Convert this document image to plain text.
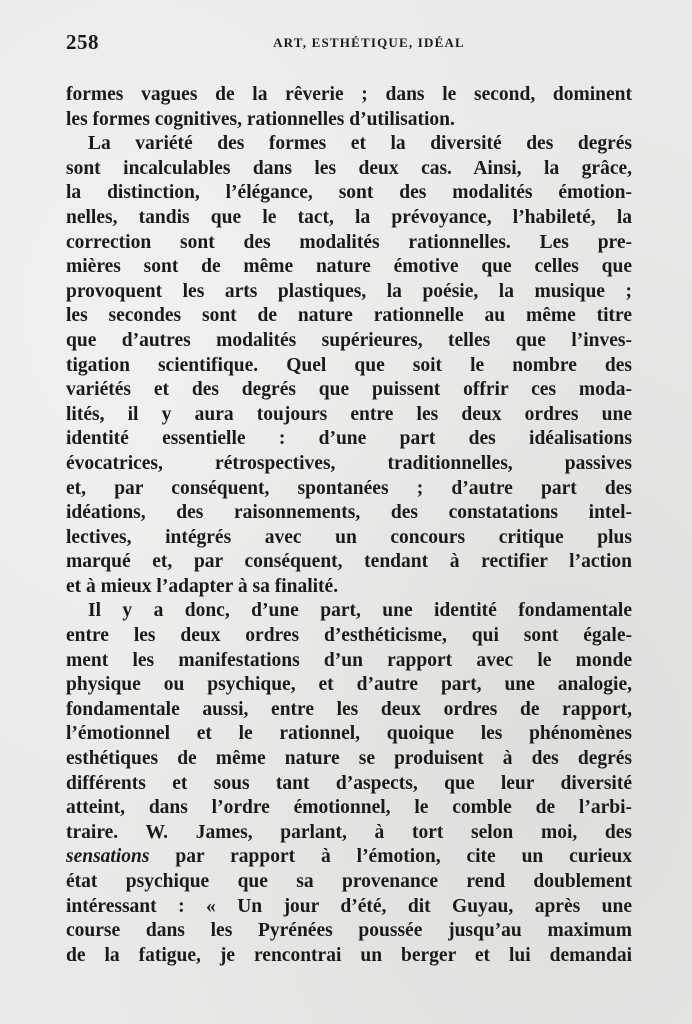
258	ART, ESTHÉTIQUE, IDÉAL
formes vagues de la rêverie ; dans le second, dominent
les formes cognitives, rationnelles d’utilisation.
La variété des formes et la diversité des degrés
sont incalculables dans les deux cas. Ainsi, la grâce,
la distinction, l’élégance, sont des modalités émotion-
nelles, tandis que le tact, la prévoyance, l’habileté, la
correction sont des modalités rationnelles. Les pre-
mières sont de même nature émotive que celles que
provoquent les arts plastiques, la poésie, la musique ;
les secondes sont de nature rationnelle au même titre
que d’autres modalités supérieures, telles que l’inves-
tigation scientifique. Quel que soit le nombre des
variétés et des degrés que puissent offrir ces moda-
lités, il y aura toujours entre les deux ordres une
identité essentielle : d’une part des idéalisations
évocatrices, rétrospectives, traditionnelles, passives
et, par conséquent, spontanées ; d’autre part des
idéations, des raisonnements, des constatations intel-
lectives, intégrés avec un concours critique plus
marqué et, par conséquent, tendant à rectifier l’action
et à mieux l’adapter à sa finalité.
Il y a donc, d’une part, une identité fondamentale
entre les deux ordres d’esthéticisme, qui sont égale-
ment les manifestations d’un rapport avec le monde
physique ou psychique, et d’autre part, une analogie,
fondamentale aussi, entre les deux ordres de rapport,
l’émotionnel et le rationnel, quoique les phénomènes
esthétiques de même nature se produisent à des degrés
différents et sous tant d’aspects, que leur diversité
atteint, dans l’ordre émotionnel, le comble de l’arbi-
traire. W. James, parlant, à tort selon moi, des
sensations par rapport à l’émotion, cite un curieux
état psychique que sa provenance rend doublement
intéressant : « Un jour d’été, dit Guyau, après une
course dans les Pyrénées poussée jusqu’au maximum
de la fatigue, je rencontrai un berger et lui demandai
